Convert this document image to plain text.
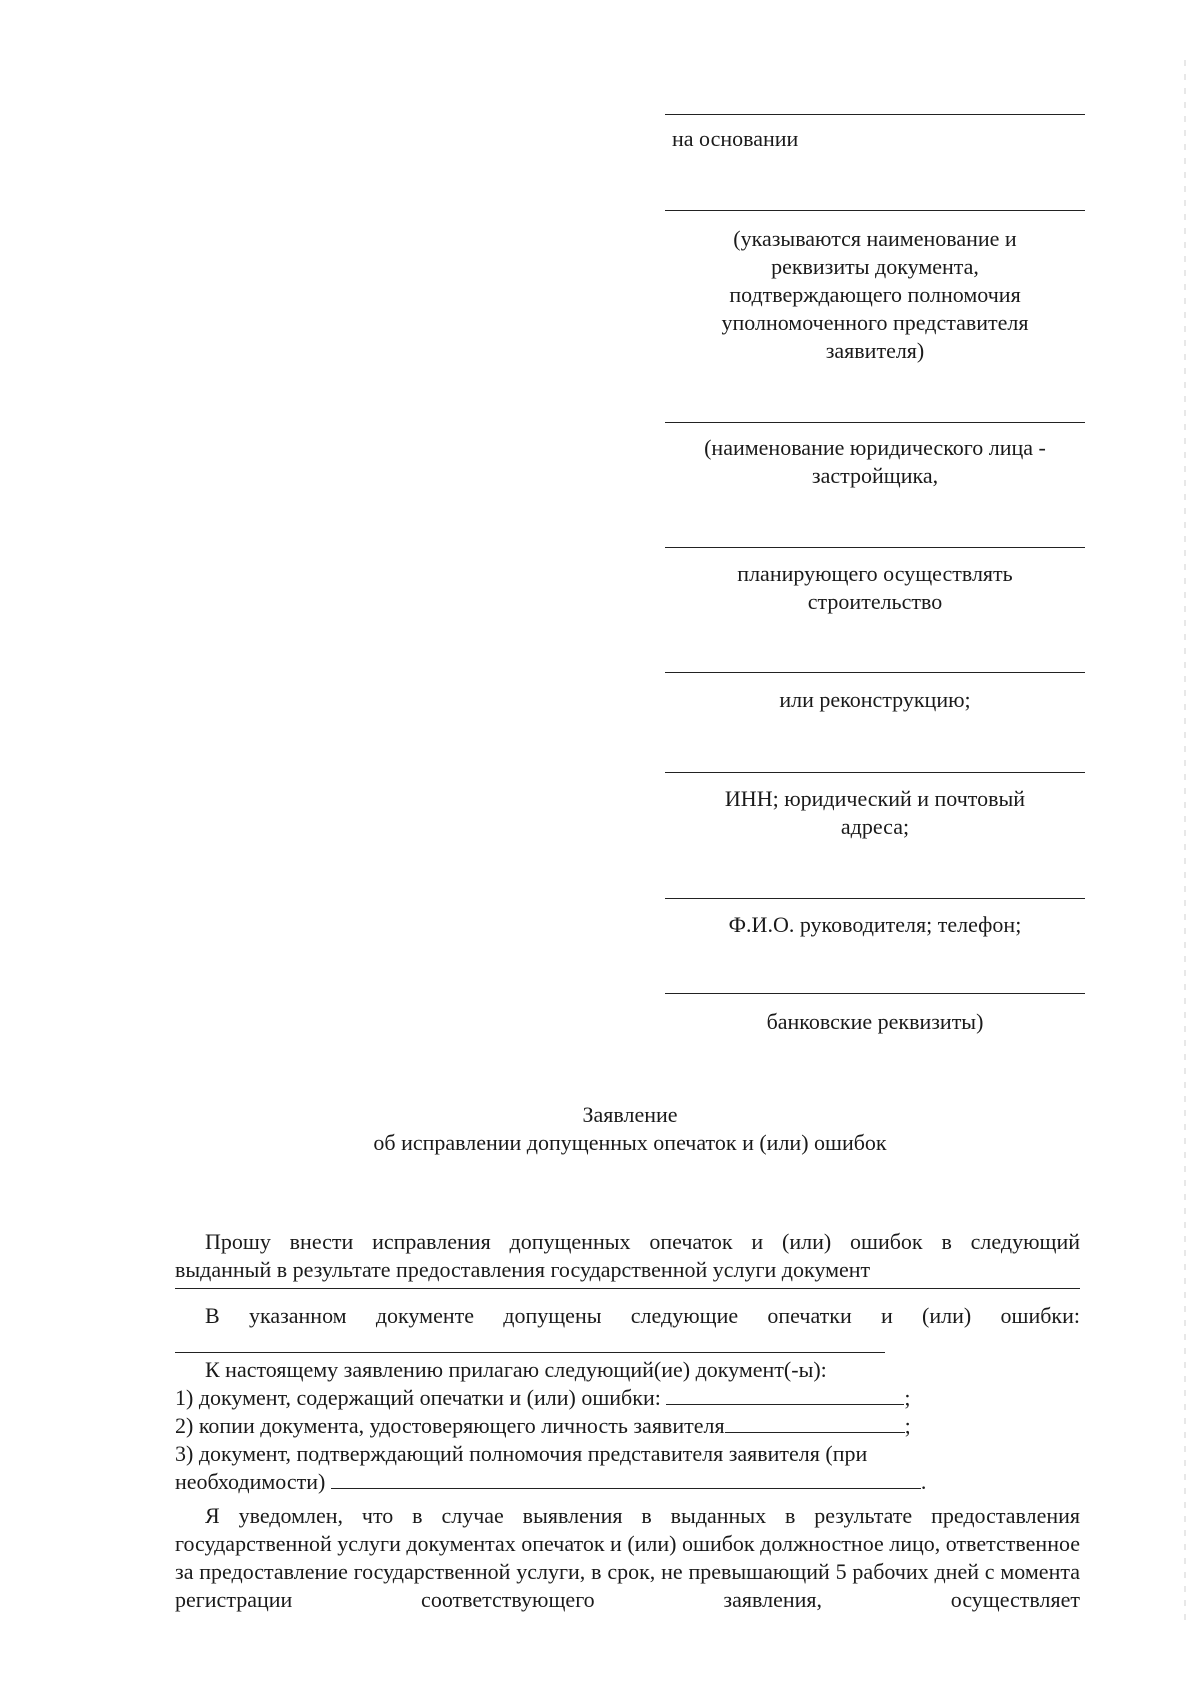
на основании
(указываются наименование и
реквизиты документа,
подтверждающего полномочия
уполномоченного представителя
заявителя)
(наименование юридического лица -
застройщика,
планирующего осуществлять
строительство
или реконструкцию;
ИНН; юридический и почтовый
адреса;
Ф.И.О. руководителя; телефон;
банковские реквизиты)
Заявление
об исправлении допущенных опечаток и (или) ошибок
Прошу внести исправления допущенных опечаток и (или) ошибок в следующий
выданный в результате предоставления государственной услуги документ
В указанном документе допущены следующие опечатки и (или) ошибки:
К настоящему заявлению прилагаю следующий(ие) документ(-ы):
1) документ, содержащий опечатки и (или) ошибки:	;
2) копии документа, удостоверяющего личность заявителя	;
3) документ, подтверждающий полномочия представителя заявителя (при
необходимости)	.
Я уведомлен, что в случае выявления в выданных в результате предоставления государственной услуги документах опечаток и (или) ошибок должностное лицо, ответственное за предоставление государственной услуги, в срок, не превышающий 5 рабочих дней с момента регистрации соответствующего заявления, осуществляет
